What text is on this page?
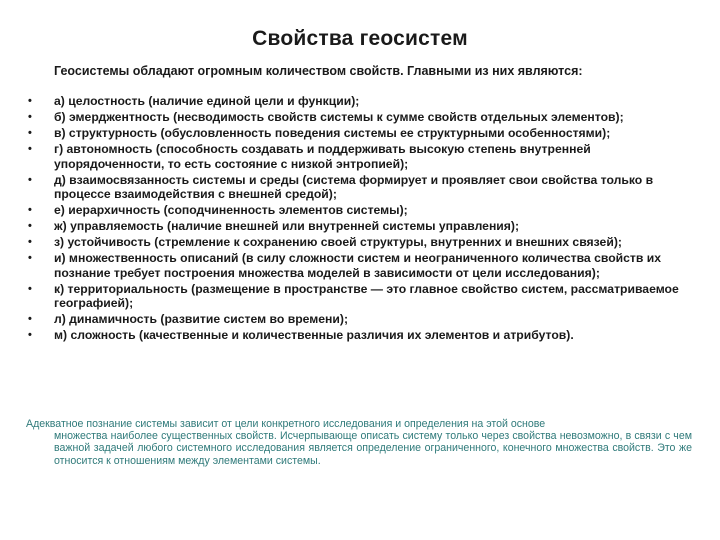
Свойства геосистем
Геосистемы обладают огромным количеством свойств. Главными из них являются:
•	а) целостность (наличие единой цели и функции);
•	б) эмерджентность (несводимость свойств системы к сумме свойств отдельных элементов);
•	в) структурность (обусловленность поведения системы ее структурными особенностями);
•	г) автономность (способность создавать и поддерживать высокую степень внутренней упорядоченности, то есть состояние с низкой энтропией);
•	д) взаимосвязанность системы и среды (система формирует и проявляет свои свойства только в процессе взаимодействия с внешней средой);
•	е) иерархичность (соподчиненность элементов системы);
•	ж) управляемость (наличие внешней или внутренней системы управления);
•	з) устойчивость (стремление к сохранению своей структуры, внутренних и внешних связей);
•	и) множественность описаний (в силу сложности систем и неограниченного количества свойств их познание требует построения множества моделей в зависимости от цели исследования);
•	к) территориальность (размещение в пространстве — это главное свойство систем, рассматриваемое географией);
•	л) динамичность (развитие систем во времени);
•	м) сложность (качественные и количественные различия их элементов и атрибутов).
Адекватное познание системы зависит от цели конкретного исследования и определения на этой основе
множества наиболее существенных свойств. Исчерпывающе описать систему только через свойства невозможно, в связи с чем важной задачей любого системного исследования является определение ограниченного, конечного множества свойств. Это же относится к отношениям между элементами системы.
